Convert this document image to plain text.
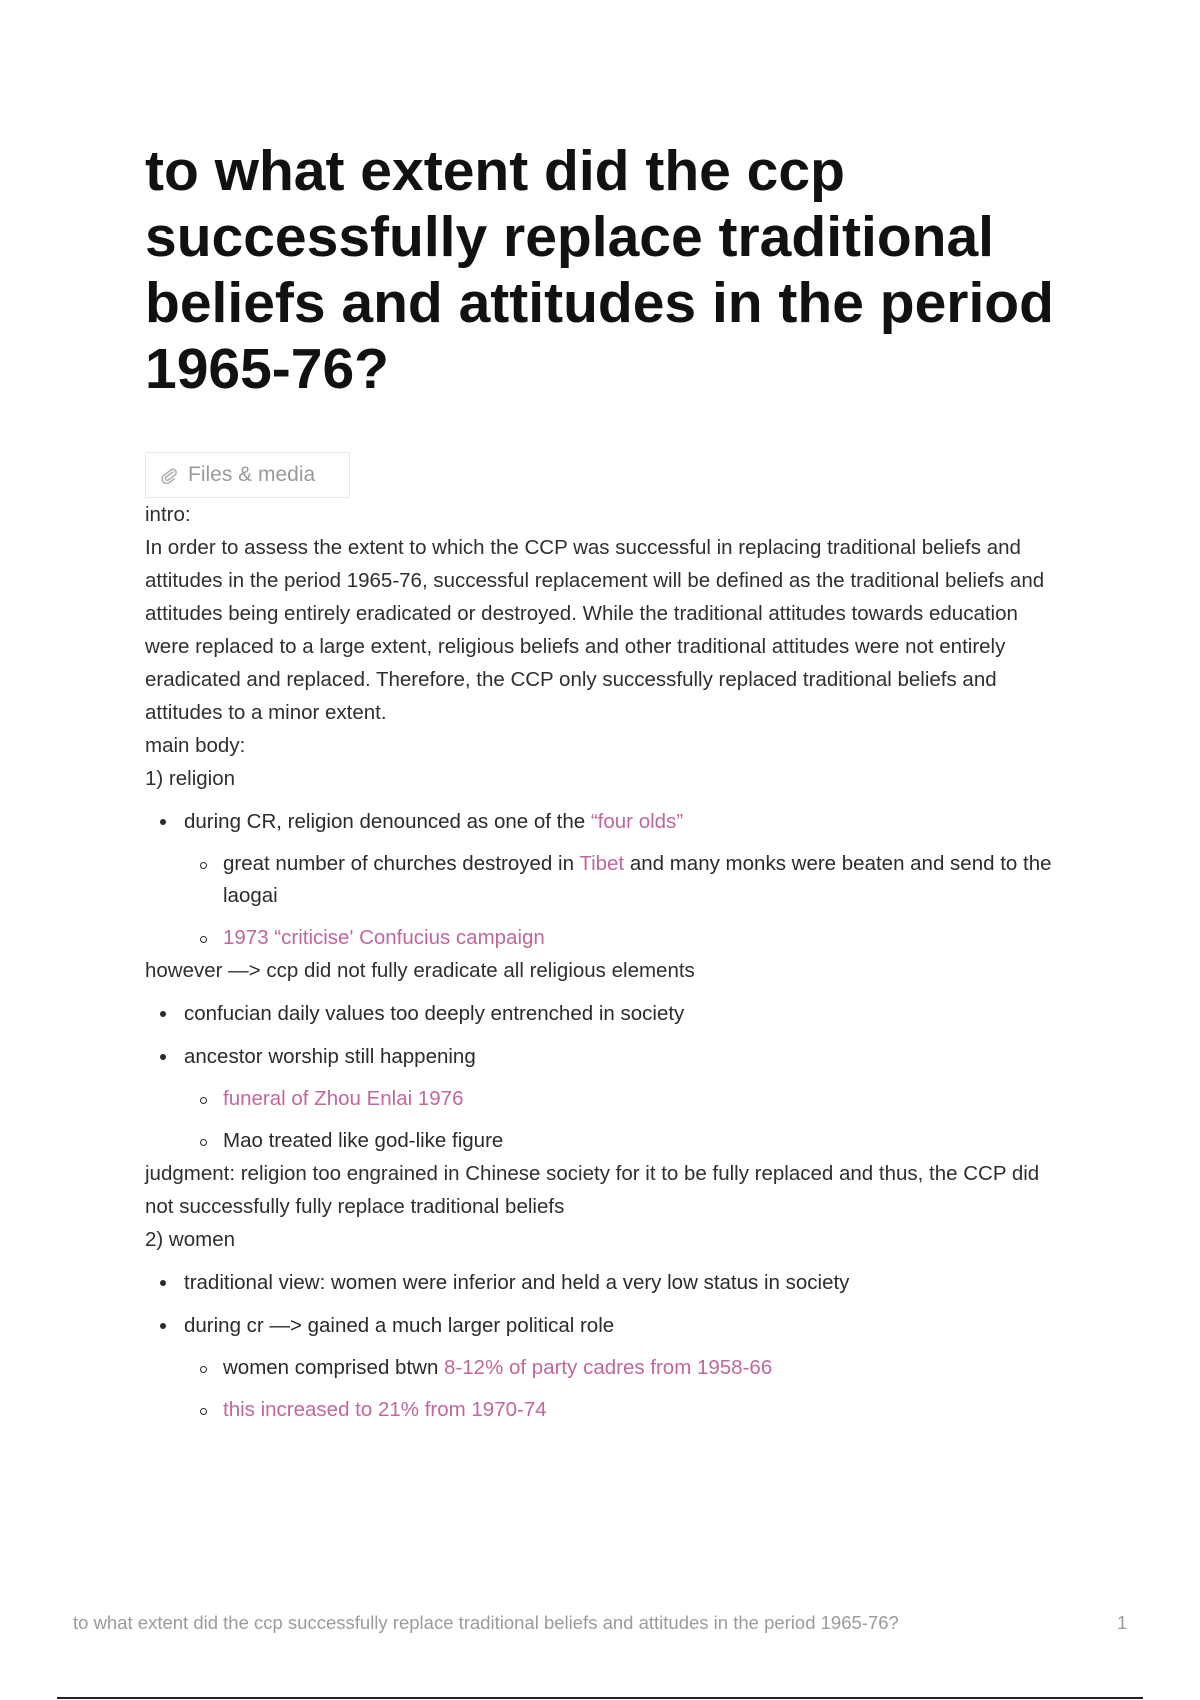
to what extent did the ccp successfully replace traditional beliefs and attitudes in the period 1965-76?
Files & media

intro:

In order to assess the extent to which the CCP was successful in replacing traditional beliefs and attitudes in the period 1965-76, successful replacement will be defined as the traditional beliefs and attitudes being entirely eradicated or destroyed. While the traditional attitudes towards education were replaced to a large extent, religious beliefs and other traditional attitudes were not entirely eradicated and replaced. Therefore, the CCP only successfully replaced traditional beliefs and attitudes to a minor extent.

main body:

1) religion

during CR, religion denounced as one of the “four olds”
great number of churches destroyed in Tibet and many monks were beaten and send to the laogai
1973 “criticise' Confucius campaign

however —> ccp did not fully eradicate all religious elements

confucian daily values too deeply entrenched in society
ancestor worship still happening
funeral of Zhou Enlai 1976
Mao treated like god-like figure

judgment: religion too engrained in Chinese society for it to be fully replaced and thus, the CCP did not successfully fully replace traditional beliefs

2) women

traditional view: women were inferior and held a very low status in society
during cr —> gained a much larger political role
women comprised btwn 8-12% of party cadres from 1958-66
this increased to 21% from 1970-74
to what extent did the ccp successfully replace traditional beliefs and attitudes in the period 1965-76?	1
